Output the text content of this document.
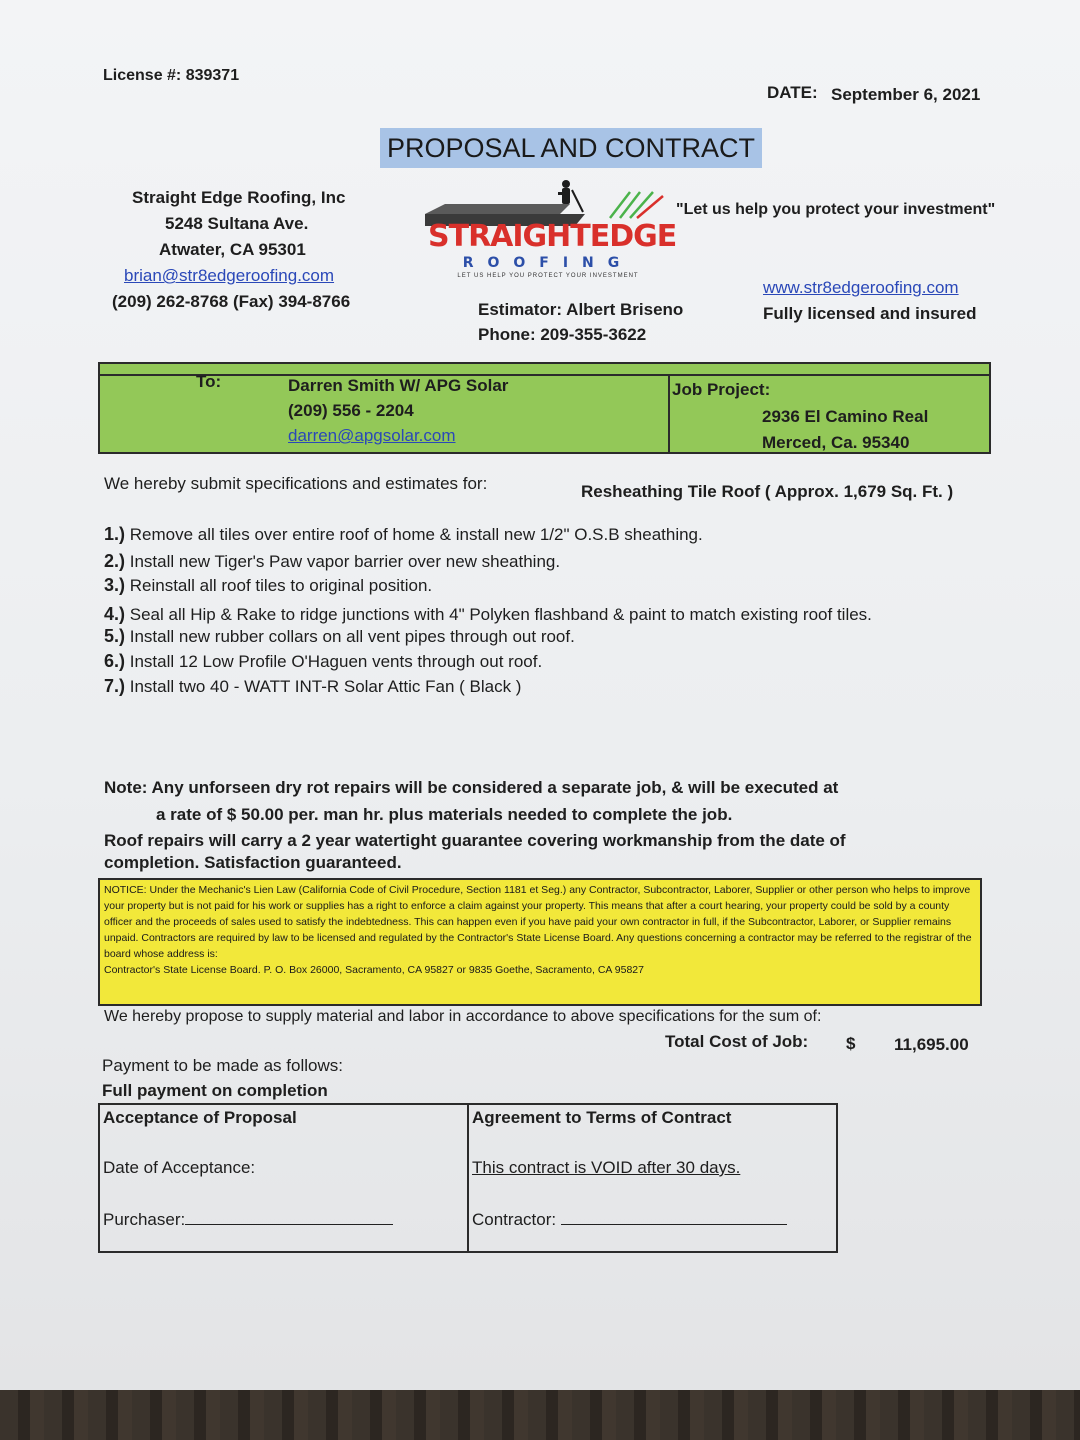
License #: 839371
DATE: September 6, 2021
PROPOSAL AND CONTRACT
Straight Edge Roofing, Inc
5248 Sultana Ave.
Atwater, CA 95301
brian@str8edgeroofing.com
(209) 262-8768 (Fax) 394-8766
STRAIGHTEDGE
ROOFING
LET US HELP YOU PROTECT YOUR INVESTMENT
"Let us help you protect your investment"
www.str8edgeroofing.com
Fully licensed and insured
Estimator: Albert Briseno
Phone: 209-355-3622
To:	Darren Smith W/ APG Solar
(209) 556 - 2204
darren@apgsolar.com
Job Project:
2936 El Camino Real
Merced, Ca. 95340
We hereby submit specifications and estimates for:	Resheathing Tile Roof ( Approx. 1,679 Sq. Ft. )
1.) Remove all tiles over entire roof of home & install new 1/2" O.S.B sheathing.
2.) Install new Tiger's Paw vapor barrier over new sheathing.
3.) Reinstall all roof tiles to original position.
4.) Seal all Hip & Rake to ridge junctions with 4" Polyken flashband & paint to match existing roof tiles.
5.) Install new rubber collars on all vent pipes through out roof.
6.) Install 12 Low Profile O'Haguen vents through out roof.
7.) Install two 40 - WATT INT-R Solar Attic Fan ( Black )
Note: Any unforseen dry rot repairs will be considered a separate job, & will be executed at
a rate of $ 50.00 per. man hr. plus materials needed to complete the job.
Roof repairs will carry a 2 year watertight guarantee covering workmanship from the date of
completion. Satisfaction guaranteed.
NOTICE: Under the Mechanic's Lien Law (California Code of Civil Procedure, Section 1181 et Seg.) any Contractor, Subcontractor, Laborer, Supplier or other person who helps to improve your property but is not paid for his work or supplies has a right to enforce a claim against your property. This means that after a court hearing, your property could be sold by a county officer and the proceeds of sales used to satisfy the indebtedness. This can happen even if you have paid your own contractor in full, if the Subcontractor, Laborer, or Supplier remains unpaid. Contractors are required by law to be licensed and regulated by the Contractor's State License Board. Any questions concerning a contractor may be referred to the registrar of the board whose address is:
Contractor's State License Board. P. O. Box 26000, Sacramento, CA 95827 or 9835 Goethe, Sacramento, CA 95827
We hereby propose to supply material and labor in accordance to above specifications for the sum of:
Total Cost of Job: $ 11,695.00
Payment to be made as follows:
Full payment on completion
Acceptance of Proposal
Date of Acceptance:
Purchaser:
Agreement to Terms of Contract
This contract is VOID after 30 days.
Contractor:
